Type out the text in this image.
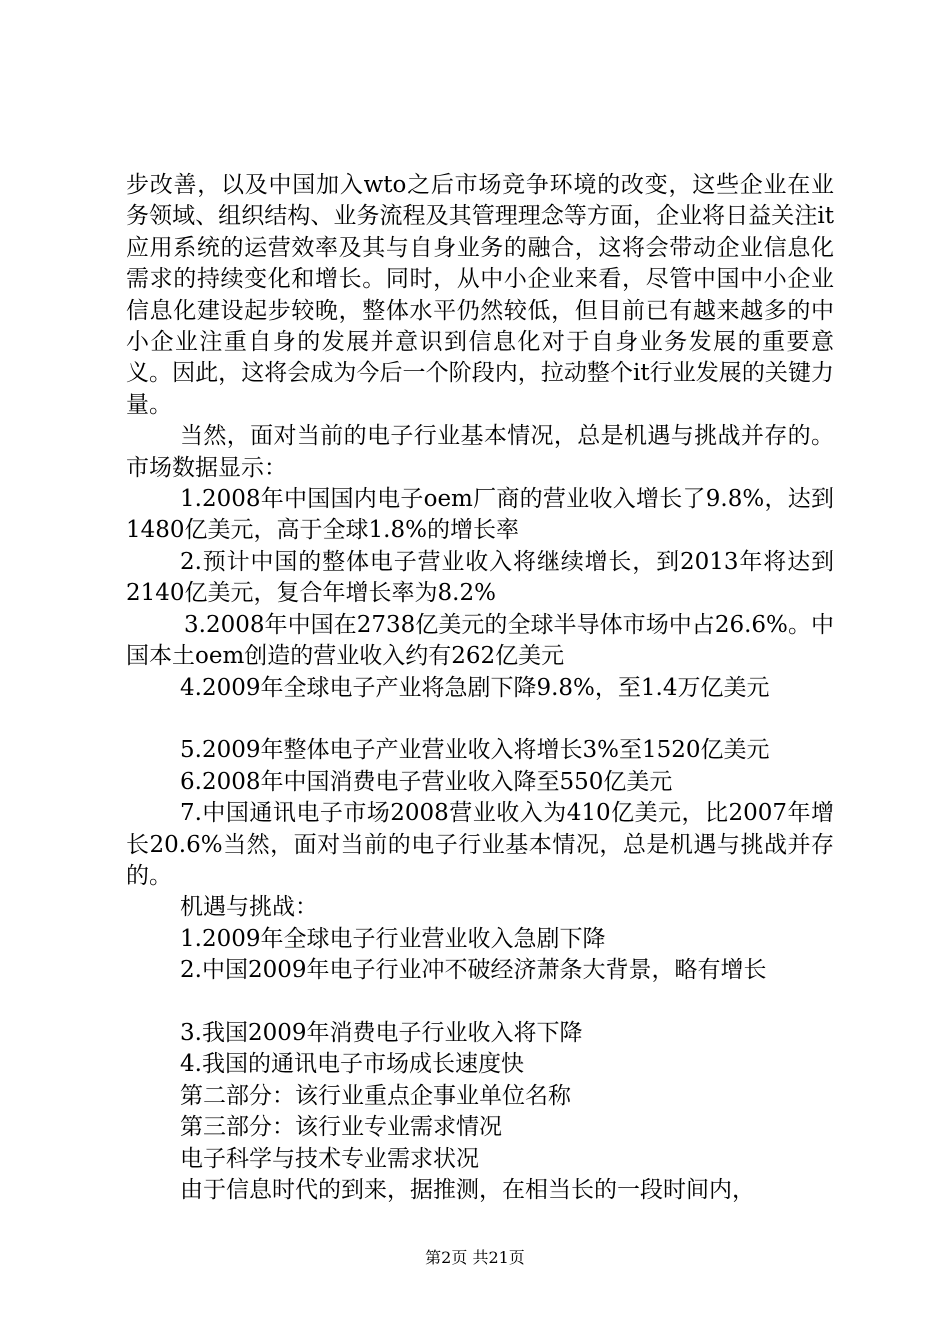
步改善，以及中国加入wto之后市场竞争环境的改变，这些企业在业务领域、组织结构、业务流程及其管理理念等方面，企业将日益关注it应用系统的运营效率及其与自身业务的融合，这将会带动企业信息化需求的持续变化和增长。同时，从中小企业来看，尽管中国中小企业信息化建设起步较晚，整体水平仍然较低，但目前已有越来越多的中小企业注重自身的发展并意识到信息化对于自身业务发展的重要意义。因此，这将会成为今后一个阶段内，拉动整个it行业发展的关键力量。

当然，面对当前的电子行业基本情况，总是机遇与挑战并存的。市场数据显示：

1.2008年中国国内电子oem厂商的营业收入增长了9.8%，达到1480亿美元，高于全球1.8%的增长率

2.预计中国的整体电子营业收入将继续增长，到2013年将达到2140亿美元，复合年增长率为8.2%

3.2008年中国在2738亿美元的全球半导体市场中占26.6%。中国本土oem创造的营业收入约有262亿美元

4.2009年全球电子产业将急剧下降9.8%，至1.4万亿美元

5.2009年整体电子产业营业收入将增长3%至1520亿美元

6.2008年中国消费电子营业收入降至550亿美元

7.中国通讯电子市场2008营业收入为410亿美元，比2007年增长20.6%当然，面对当前的电子行业基本情况，总是机遇与挑战并存的。

机遇与挑战：

1.2009年全球电子行业营业收入急剧下降

2.中国2009年电子行业冲不破经济萧条大背景，略有增长

3.我国2009年消费电子行业收入将下降

4.我国的通讯电子市场成长速度快

第二部分：该行业重点企事业单位名称

第三部分：该行业专业需求情况

电子科学与技术专业需求状况

由于信息时代的到来，据推测，在相当长的一段时间内，

第2页 共21页
